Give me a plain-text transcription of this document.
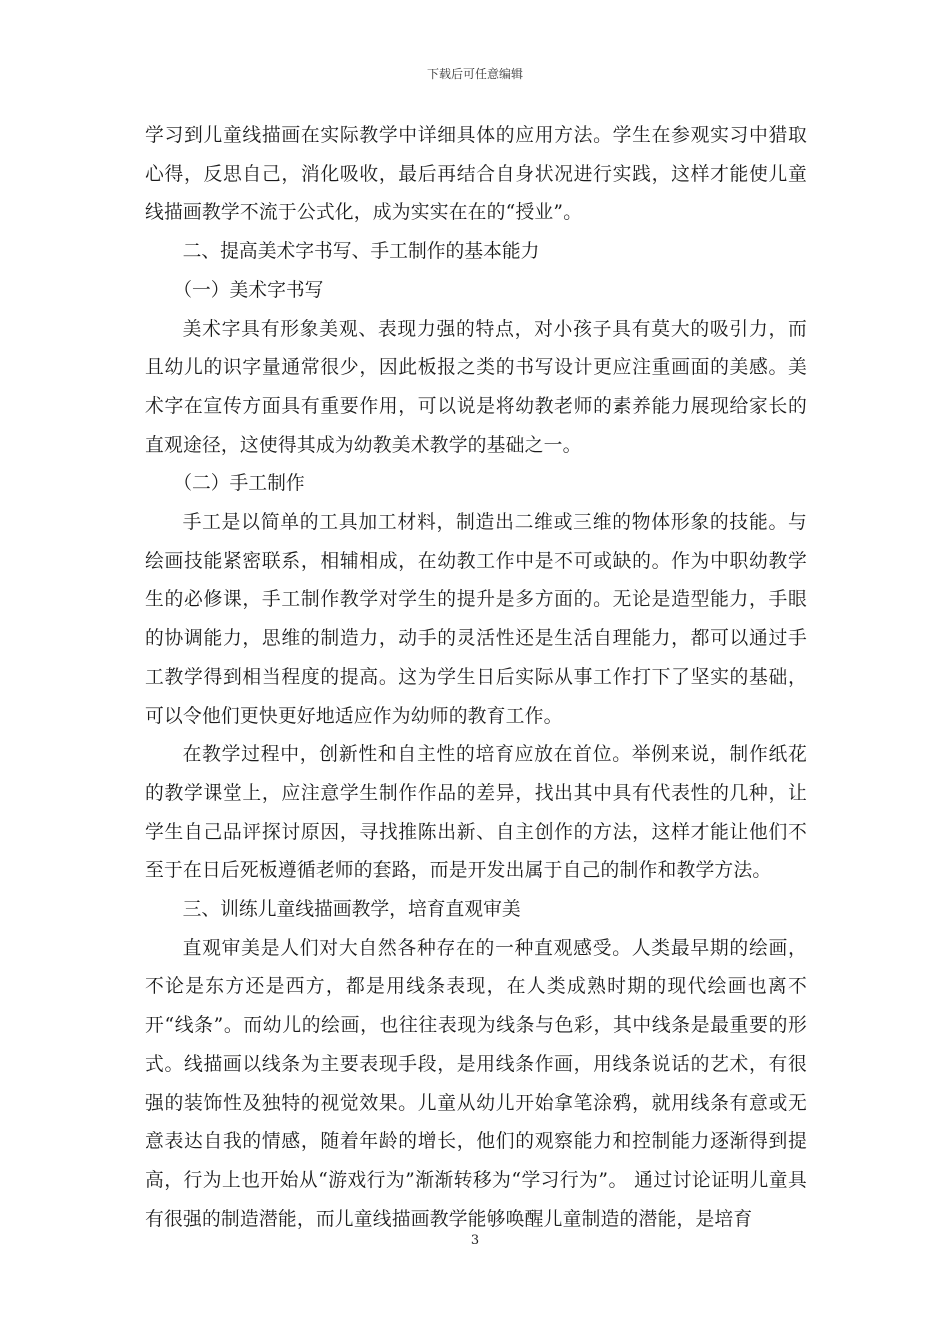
下载后可任意编辑

学习到儿童线描画在实际教学中详细具体的应用方法。学生在参观实习中猎取心得，反思自己，消化吸收，最后再结合自身状况进行实践，这样才能使儿童线描画教学不流于公式化，成为实实在在的“授业”。

二、提高美术字书写、手工制作的基本能力

（一）美术字书写

美术字具有形象美观、表现力强的特点，对小孩子具有莫大的吸引力，而且幼儿的识字量通常很少，因此板报之类的书写设计更应注重画面的美感。美术字在宣传方面具有重要作用，可以说是将幼教老师的素养能力展现给家长的直观途径，这使得其成为幼教美术教学的基础之一。

（二）手工制作

手工是以简单的工具加工材料，制造出二维或三维的物体形象的技能。与绘画技能紧密联系，相辅相成，在幼教工作中是不可或缺的。作为中职幼教学生的必修课，手工制作教学对学生的提升是多方面的。无论是造型能力，手眼的协调能力，思维的制造力，动手的灵活性还是生活自理能力，都可以通过手工教学得到相当程度的提高。这为学生日后实际从事工作打下了坚实的基础，可以令他们更快更好地适应作为幼师的教育工作。

在教学过程中，创新性和自主性的培育应放在首位。举例来说，制作纸花的教学课堂上，应注意学生制作作品的差异，找出其中具有代表性的几种，让学生自己品评探讨原因，寻找推陈出新、自主创作的方法，这样才能让他们不至于在日后死板遵循老师的套路，而是开发出属于自己的制作和教学方法。

三、训练儿童线描画教学，培育直观审美

直观审美是人们对大自然各种存在的一种直观感受。人类最早期的绘画，不论是东方还是西方，都是用线条表现，在人类成熟时期的现代绘画也离不开“线条”。而幼儿的绘画，也往往表现为线条与色彩，其中线条是最重要的形式。线描画以线条为主要表现手段，是用线条作画，用线条说话的艺术，有很强的装饰性及独特的视觉效果。儿童从幼儿开始拿笔涂鸦，就用线条有意或无意表达自我的情感，随着年龄的增长，他们的观察能力和控制能力逐渐得到提高，行为上也开始从“游戏行为”渐渐转移为“学习行为”。 通过讨论证明儿童具有很强的制造潜能，而儿童线描画教学能够唤醒儿童制造的潜能，是培育

3
